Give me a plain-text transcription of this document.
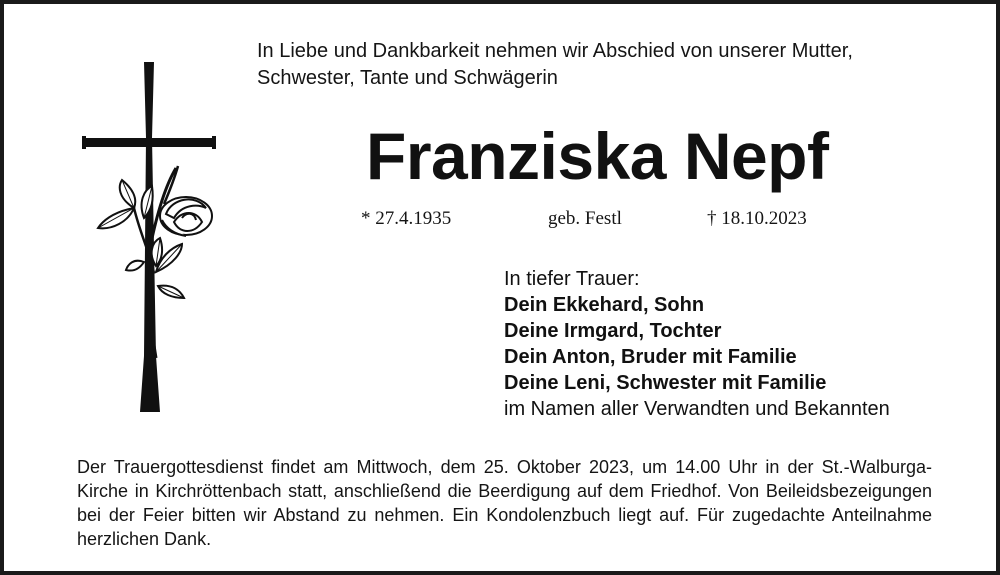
In Liebe und Dankbarkeit nehmen wir Abschied von unserer Mutter,
Schwester, Tante und Schwägerin
Franziska Nepf
* 27.4.1935	geb. Festl	† 18.10.2023
In tiefer Trauer:
Dein Ekkehard, Sohn
Deine Irmgard, Tochter
Dein Anton, Bruder mit Familie
Deine Leni, Schwester mit Familie
im Namen aller Verwandten und Bekannten
Der Trauergottesdienst findet am Mittwoch, dem 25. Oktober 2023, um 14.00 Uhr in der St.-Walburga-Kirche in Kirchröttenbach statt, anschließend die Beerdigung auf dem Friedhof. Von Beileidsbezeigungen bei der Feier bitten wir Abstand zu nehmen. Ein Kondolenzbuch liegt auf. Für zugedachte Anteilnahme herzlichen Dank.
